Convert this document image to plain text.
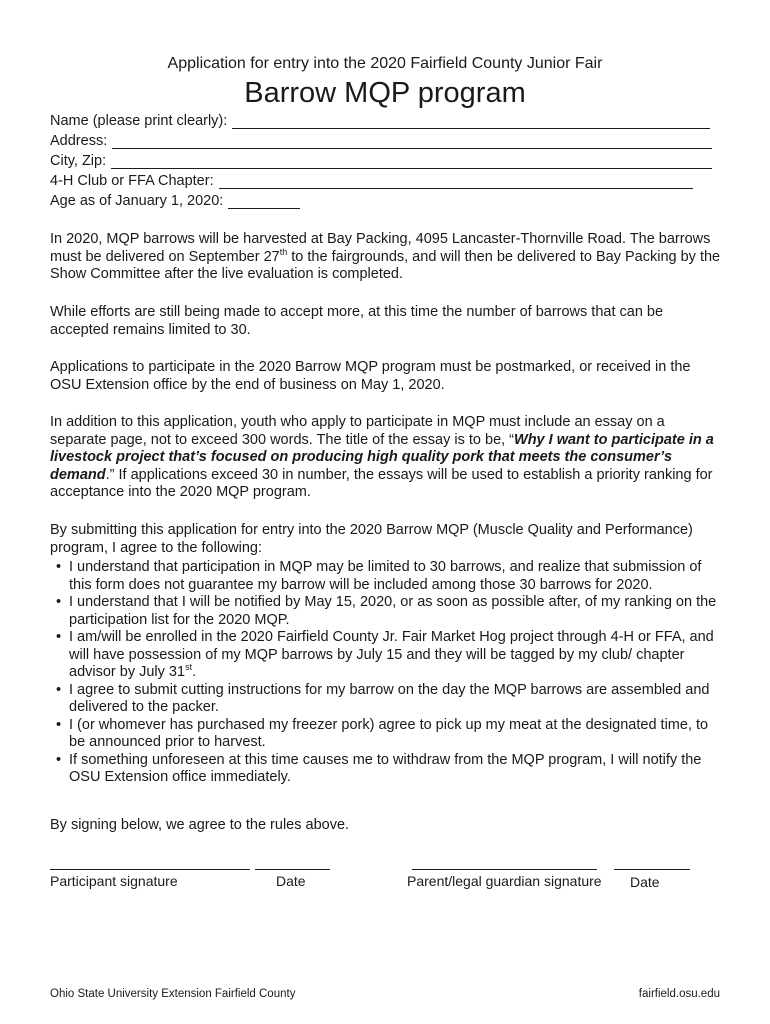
Application for entry into the 2020 Fairfield County Junior Fair
Barrow MQP program
Name (please print clearly):
Address:
City, Zip:
4-H Club or FFA Chapter:
Age as of January 1, 2020:

In 2020, MQP barrows will be harvested at Bay Packing, 4095 Lancaster-Thornville Road. The barrows must be delivered on September 27th to the fairgrounds, and will then be delivered to Bay Packing by the Show Committee after the live evaluation is completed.

While efforts are still being made to accept more, at this time the number of barrows that can be accepted remains limited to 30.

Applications to participate in the 2020 Barrow MQP program must be postmarked, or received in the OSU Extension office by the end of business on May 1, 2020.

In addition to this application, youth who apply to participate in MQP must include an essay on a separate page, not to exceed 300 words. The title of the essay is to be, “Why I want to participate in a livestock project that’s focused on producing high quality pork that meets the consumer’s demand.” If applications exceed 30 in number, the essays will be used to establish a priority ranking for acceptance into the 2020 MQP program.

By submitting this application for entry into the 2020 Barrow MQP (Muscle Quality and Performance) program, I agree to the following:

• I understand that participation in MQP may be limited to 30 barrows, and realize that submission of this form does not guarantee my barrow will be included among those 30 barrows for 2020.
• I understand that I will be notified by May 15, 2020, or as soon as possible after, of my ranking on the participation list for the 2020 MQP.
• I am/will be enrolled in the 2020 Fairfield County Jr. Fair Market Hog project through 4-H or FFA, and will have possession of my MQP barrows by July 15 and they will be tagged by my club/ chapter advisor by July 31st.
• I agree to submit cutting instructions for my barrow on the day the MQP barrows are assembled and delivered to the packer.
• I (or whomever has purchased my freezer pork) agree to pick up my meat at the designated time, to be announced prior to harvest.
• If something unforeseen at this time causes me to withdraw from the MQP program, I will notify the OSU Extension office immediately.

By signing below, we agree to the rules above.

Participant signature	Date	Parent/legal guardian signature Date
Ohio State University Extension Fairfield County	fairfield.osu.edu
